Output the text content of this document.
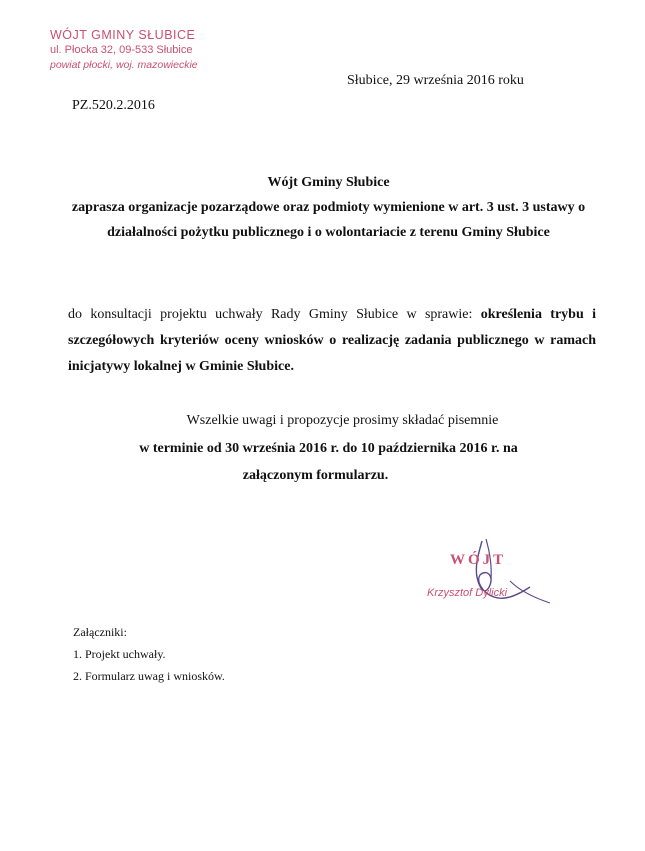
WÓJT GMINY SŁUBICE
ul. Płocka 32, 09-533 Słubice
powiat płocki, woj. mazowieckie
Słubice, 29 września 2016 roku
PZ.520.2.2016
Wójt Gminy Słubice
zaprasza organizacje pozarządowe oraz podmioty wymienione w art. 3 ust. 3 ustawy o działalności pożytku publicznego i o wolontariacie z terenu Gminy Słubice
do konsultacji projektu uchwały Rady Gminy Słubice w sprawie: określenia trybu i szczegółowych kryteriów oceny wniosków o realizację zadania publicznego w ramach inicjatywy lokalnej w Gminie Słubice.
Wszelkie uwagi i propozycje prosimy składać pisemnie
w terminie od 30 września 2016 r. do 10 października 2016 r. na
załączonym formularzu.
WÓJT
Krzysztof Dylicki
Załączniki:
1. Projekt uchwały.
2. Formularz uwag i wniosków.
